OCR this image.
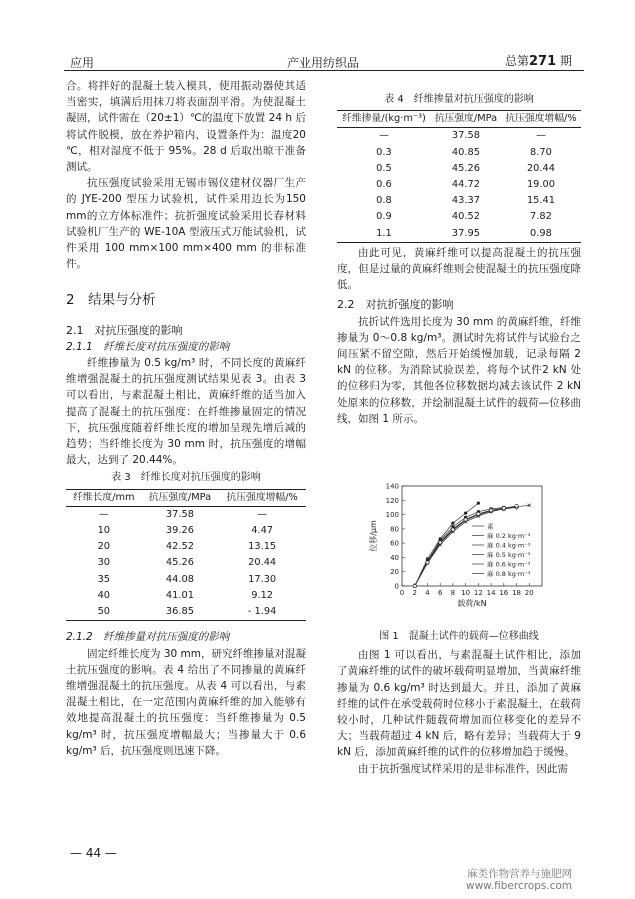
应用	产业用纺织品	总第271 期

合。将拌好的混凝土装入模具，使用振动器使其适当密实，填满后用抹刀将表面刮平滑。为使混凝土凝固，试件需在（20±1）℃的温度下放置 24 h 后将试件脱模，放在养护箱内，设置条件为：温度20 ℃，相对湿度不低于 95%。28 d 后取出晾干准备测试。

抗压强度试验采用无锡市锡仪建材仪器厂生产的 JYE-200 型压力试验机，试件采用边长为150 mm的立方体标准件；抗折强度试验采用长春材料试验机厂生产的 WE-10A 型液压式万能试验机，试件采用 100 mm×100 mm×400 mm 的非标准件。

2　结果与分析
2.1　对抗压强度的影响
2.1.1　纤维长度对抗压强度的影响

纤维掺量为 0.5 kg/m³ 时，不同长度的黄麻纤维增强混凝土的抗压强度测试结果见表 3。由表 3 可以看出，与素混凝土相比，黄麻纤维的适当加入提高了混凝土的抗压强度：在纤维掺量固定的情况下，抗压强度随着纤维长度的增加呈现先增后减的趋势；当纤维长度为 30 mm 时，抗压强度的增幅最大，达到了 20.44%。

表 3　纤维长度对抗压强度的影响
纤维长度/mm	抗压强度/MPa	抗压强度增幅/%
—	37.58	—
10	39.26	4.47
20	42.52	13.15
30	45.26	20.44
35	44.08	17.30
40	41.01	9.12
50	36.85	- 1.94
2.1.2　纤维掺量对抗压强度的影响

固定纤维长度为 30 mm，研究纤维掺量对混凝土抗压强度的影响。表 4 给出了不同掺量的黄麻纤维增强混凝土的抗压强度。从表 4 可以看出，与素混凝土相比，在一定范围内黄麻纤维的加入能够有效地提高混凝土的抗压强度：当纤维掺量为 0.5 kg/m³ 时，抗压强度增幅最大；当掺量大于 0.6 kg/m³ 后，抗压强度则迅速下降。

表 4　纤维掺量对抗压强度的影响
纤维掺量/(kg·m⁻³)	抗压强度/MPa	抗压强度增幅/%
—	37.58	—
0.3	40.85	8.70
0.5	45.26	20.44
0.6	44.72	19.00
0.8	43.37	15.41
0.9	40.52	7.82
1.1	37.95	0.98

由此可见，黄麻纤维可以提高混凝土的抗压强度，但是过量的黄麻纤维则会使混凝土的抗压强度降低。

2.2　对抗折强度的影响

抗折试件选用长度为 30 mm 的黄麻纤维，纤维掺量为 0～0.8 kg/m³。测试时先将试件与试验台之间压紧不留空隙，然后开始缓慢加载，记录每隔 2 kN 的位移。为消除试验误差，将每个试件2 kN 处的位移归为零，其他各位移数据均减去该试件 2 kN处原来的位移数，并绘制混凝土试件的载荷—位移曲线，如图 1 所示。

0 2 4 6 8 10 12 14 16 18 20
0
20
40
60
80
100
120
140
载荷/kN
位移/μm	素
麻 0.2 kg·m⁻³
麻 0.4 kg·m⁻³
麻 0.5 kg·m⁻³
麻 0.6 kg·m⁻³
麻 0.8 kg·m⁻³
图 1　混凝土试件的载荷—位移曲线

由图 1 可以看出，与素混凝土试件相比，添加了黄麻纤维的试件的破坏载荷明显增加，当黄麻纤维掺量为 0.6 kg/m³ 时达到最大。并且，添加了黄麻纤维的试件在承受载荷时位移小于素混凝土，在载荷较小时，几种试件随载荷增加而位移变化的差异不大；当载荷超过 4 kN 后，略有差异；当载荷大于 9 kN 后，添加黄麻纤维的试件的位移增加趋于缓慢。

由于抗折强度试样采用的是非标准件，因此需

— 44 —
麻类作物营养与施肥网
www.fibercrops.com
